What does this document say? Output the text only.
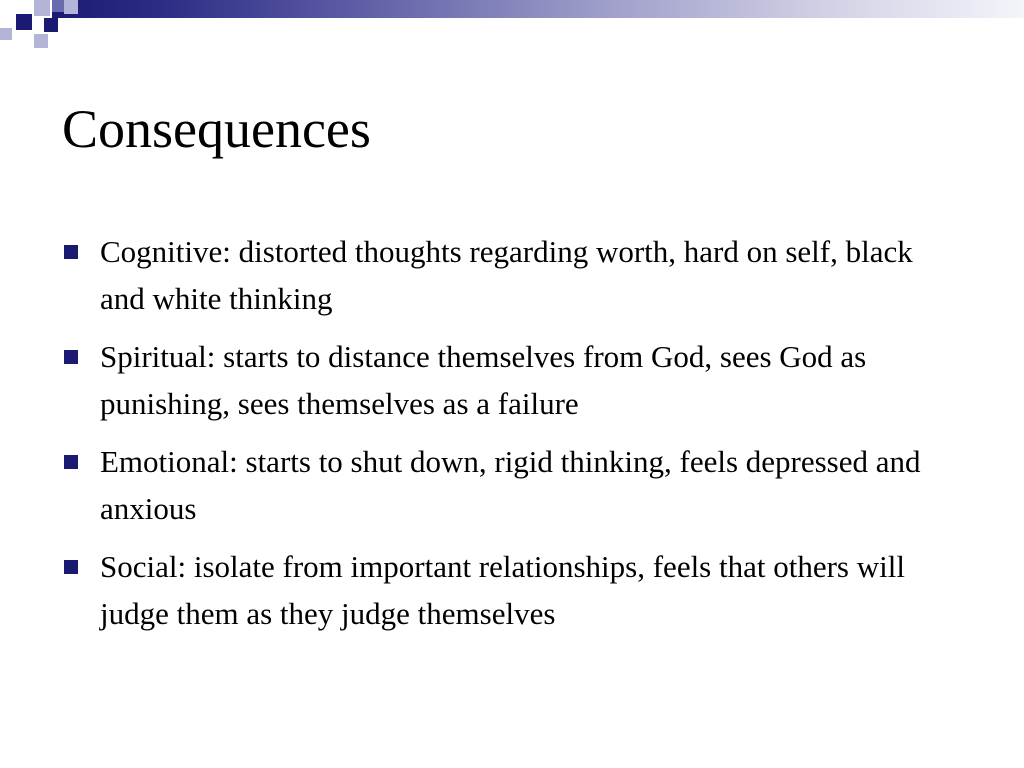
Consequences
Cognitive: distorted thoughts regarding worth, hard on self, black and white thinking
Spiritual: starts to distance themselves from God, sees God as punishing, sees themselves as a failure
Emotional: starts to shut down, rigid thinking, feels depressed and anxious
Social: isolate from important relationships, feels that others will judge them as they judge themselves
